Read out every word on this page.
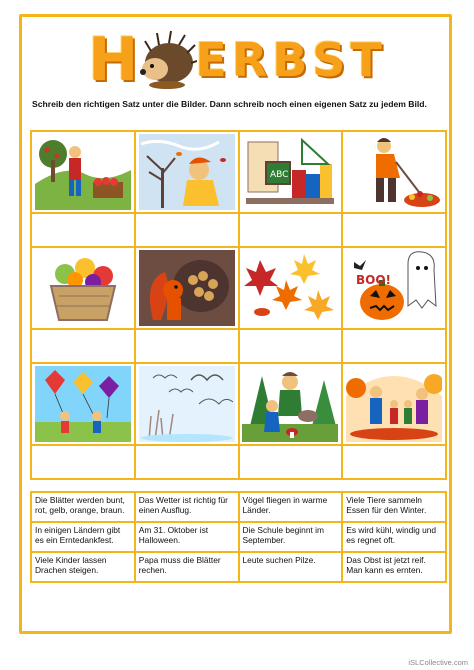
H E R B S T
Schreib den richtigen Satz unter die Bilder. Dann schreib noch einen eigenen Satz zu jedem Bild.

ABC

BOO!

Die Blätter werden bunt, rot, gelb, orange, braun.	Das Wetter ist richtig für einen Ausflug.	Vögel fliegen in warme Länder.	Viele Tiere sammeln Essen für den Winter.
In einigen Ländern gibt es ein Erntedankfest.	Am 31. Oktober ist Halloween.	Die Schule beginnt im September.	Es wird kühl, windig und es regnet oft.
Viele Kinder lassen Drachen steigen.	Papa muss die Blätter rechen.	Leute suchen Pilze.	Das Obst ist jetzt reif. Man kann es ernten.
iSLCollective.com
